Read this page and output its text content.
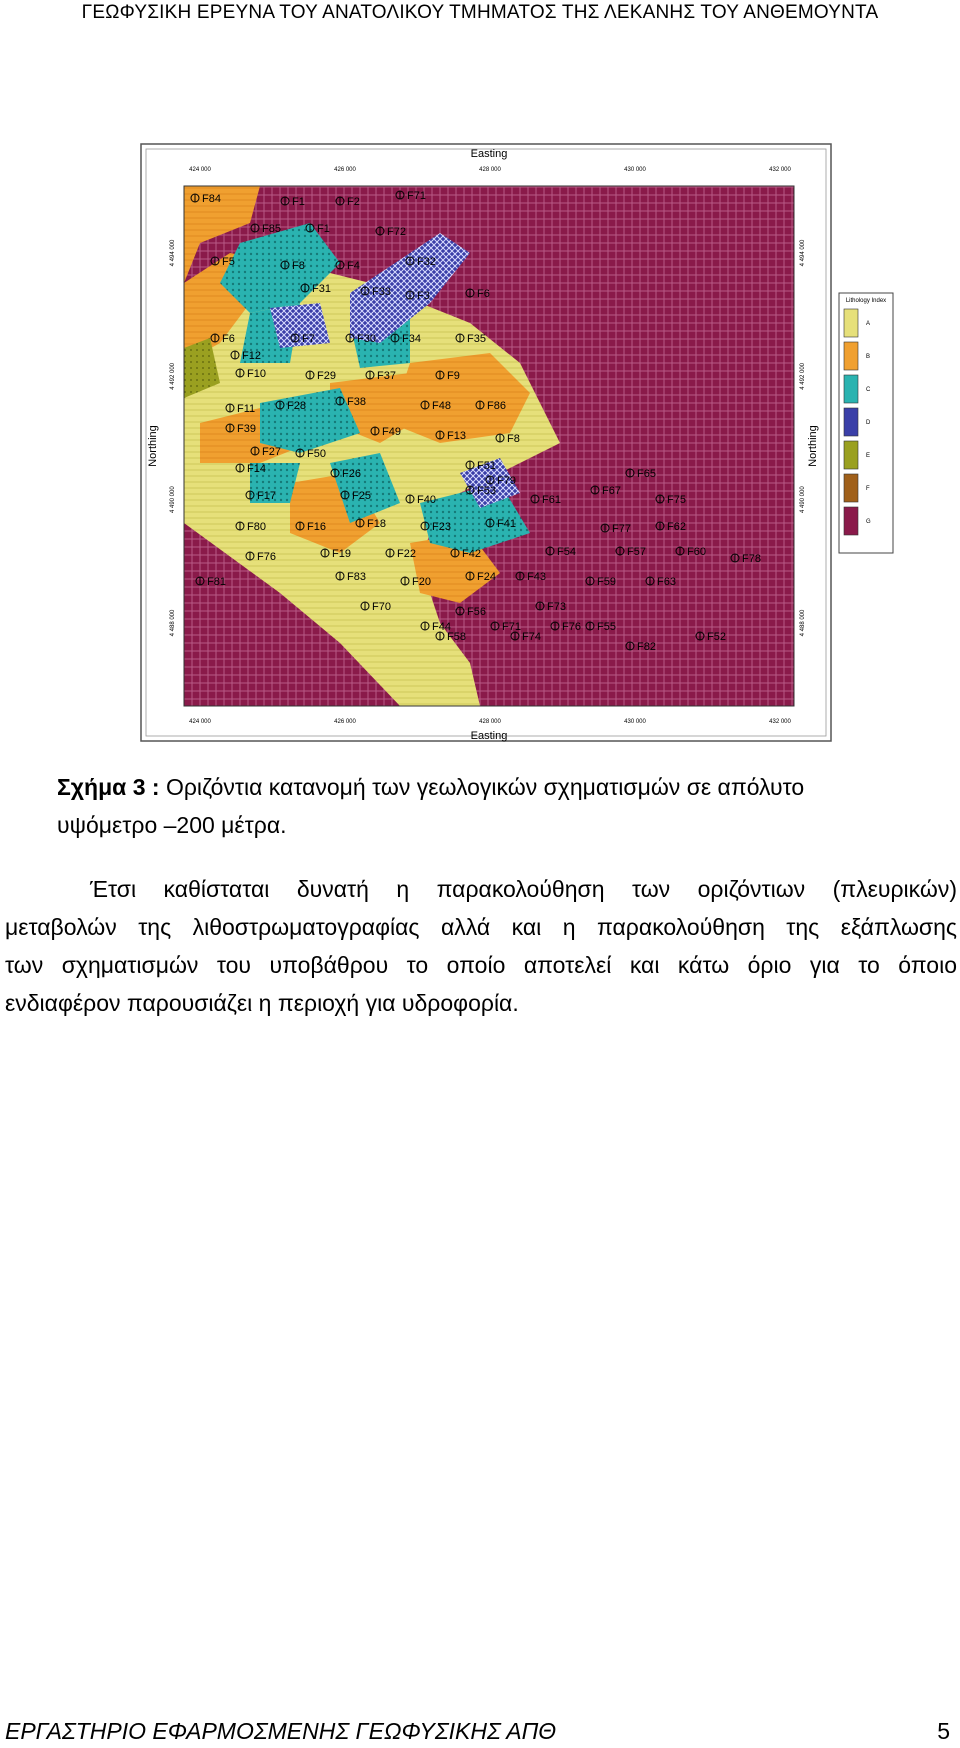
ΓΕΩΦΥΣΙΚΗ ΕΡΕΥΝΑ ΤΟΥ ΑΝΑΤΟΛΙΚΟΥ ΤΜΗΜΑΤΟΣ ΤΗΣ ΛΕΚΑΝΗΣ ΤΟΥ ΑΝΘΕΜΟΥΝΤΑ
Easting
Easting
Northing	Northing
424 000
424 000
426 000
426 000
428 000
428 000
430 000
430 000
432 000
432 000
4 494 000	4 494 000
4 492 000	4 492 000
4 490 000	4 490 000
4 488 000	4 488 000
F84	F1	F2	F71
F85	F1	F72
F5	F8	F4	F32
F6
F31	F33 F3
F6	F7	F30 F34	F35
F12
F10	F29	F37	F9
F11	F28	F38	F48	F86
F39	F49	F13	F8
F27 F50
F14	F26
F51
F65
F79
F17	F25	F40
F53
F61
F67
F75
F80	F16	F18	F23	F41	F77	F62
F76	F19	F22	F42	F54	F57	F60
F78
F81	F83	F20	F24	F43	F59	F63
F70	F73
F44	F71	F55
F58	F74	F52
F56
F82
F76
Lithology Index
A
B
C
D
E
F
G
Σχήμα 3 : Οριζόντια κατανομή των γεωλογικών σχηματισμών σε απόλυτο
υψόμετρο –200 μέτρα.
Έτσι καθίσταται δυνατή η παρακολούθηση των οριζόντιων (πλευρικών)
μεταβολών της λιθοστρωματογραφίας αλλά και η παρακολούθηση της εξάπλωσης
των σχηματισμών του υποβάθρου το οποίο αποτελεί και κάτω όριο για το όποιο
ενδιαφέρον παρουσιάζει η περιοχή για υδροφορία.
ΕΡΓΑΣΤΗΡΙΟ ΕΦΑΡΜΟΣΜΕΝΗΣ ΓΕΩΦΥΣΙΚΗΣ ΑΠΘ	5
